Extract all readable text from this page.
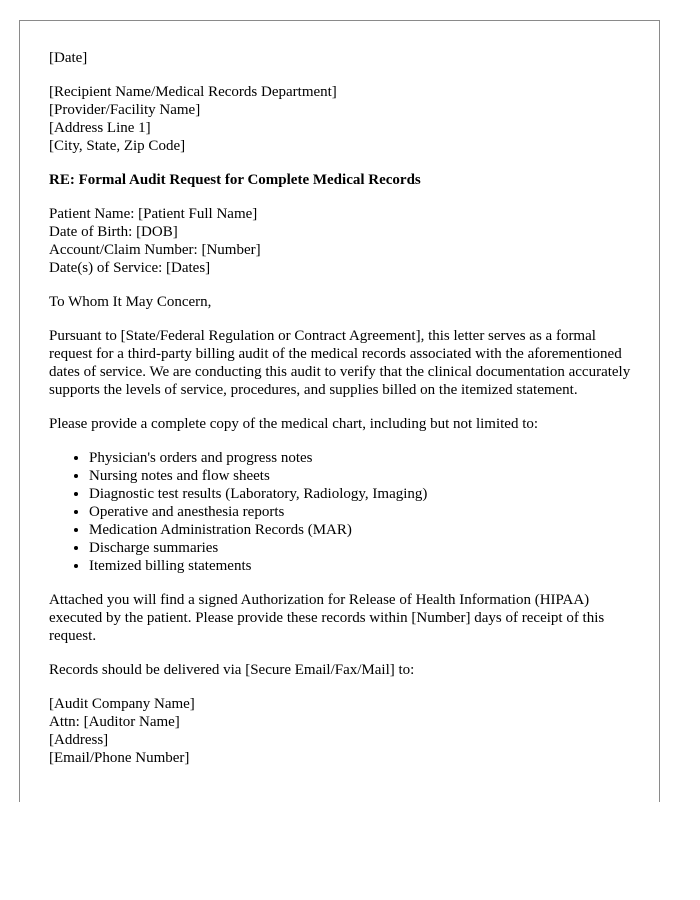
[Date]
[Recipient Name/Medical Records Department]
[Provider/Facility Name]
[Address Line 1]
[City, State, Zip Code]
RE: Formal Audit Request for Complete Medical Records
Patient Name: [Patient Full Name]
Date of Birth: [DOB]
Account/Claim Number: [Number]
Date(s) of Service: [Dates]

To Whom It May Concern,

Pursuant to [State/Federal Regulation or Contract Agreement], this letter serves as a formal request for a third-party billing audit of the medical records associated with the aforementioned dates of service. We are conducting this audit to verify that the clinical documentation accurately supports the levels of service, procedures, and supplies billed on the itemized statement.

Please provide a complete copy of the medical chart, including but not limited to:

• Physician's orders and progress notes
• Nursing notes and flow sheets
• Diagnostic test results (Laboratory, Radiology, Imaging)
• Operative and anesthesia reports
• Medication Administration Records (MAR)
• Discharge summaries
• Itemized billing statements

Attached you will find a signed Authorization for Release of Health Information (HIPAA) executed by the patient. Please provide these records within [Number] days of receipt of this request.

Records should be delivered via [Secure Email/Fax/Mail] to:

[Audit Company Name]
Attn: [Auditor Name]
[Address]
[Email/Phone Number]
